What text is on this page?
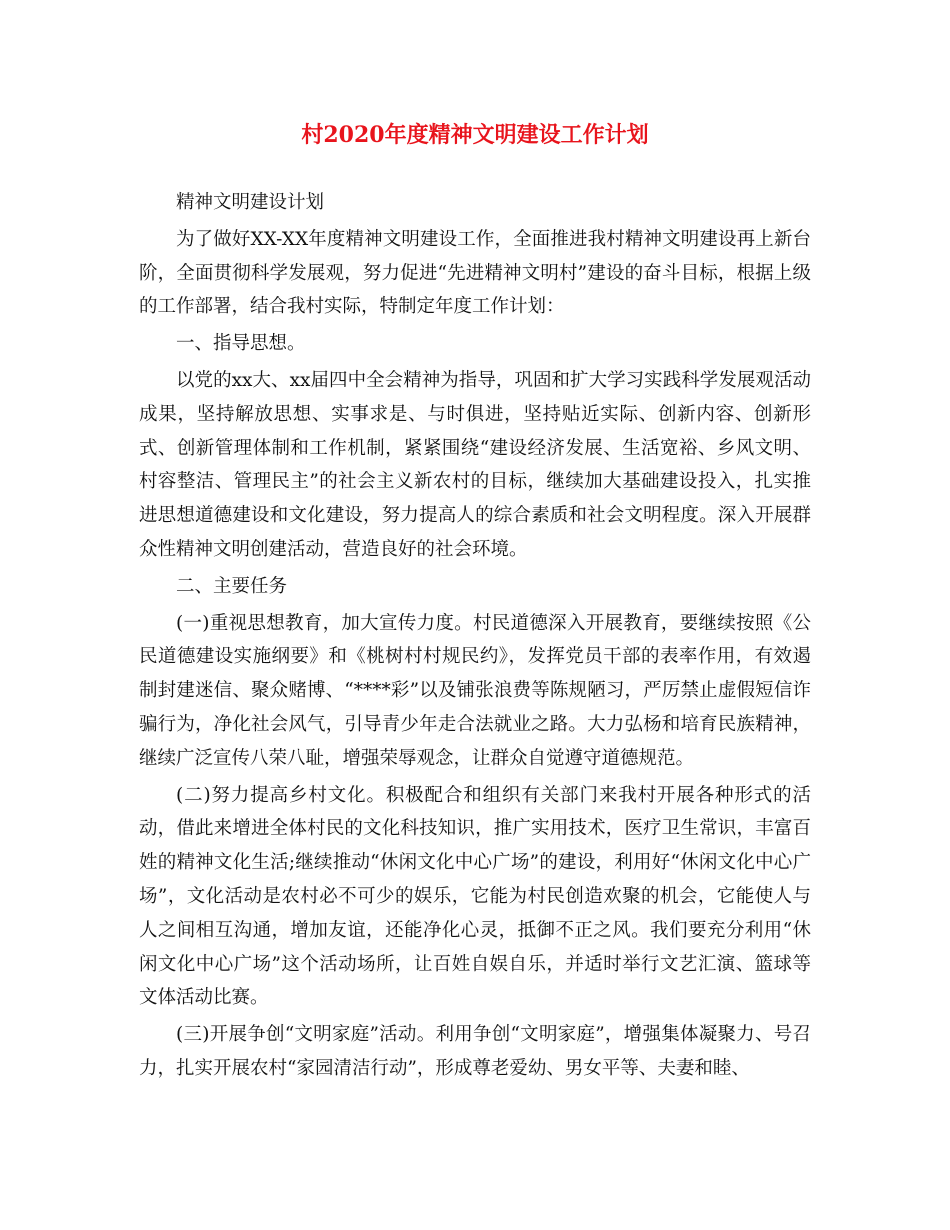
村2020年度精神文明建设工作计划

精神文明建设计划

为了做好XX-XX年度精神文明建设工作，全面推进我村精神文明建设再上新台阶，全面贯彻科学发展观，努力促进“先进精神文明村”建设的奋斗目标，根据上级的工作部署，结合我村实际，特制定年度工作计划：

一、指导思想。

以党的xx大、xx届四中全会精神为指导，巩固和扩大学习实践科学发展观活动成果，坚持解放思想、实事求是、与时俱进，坚持贴近实际、创新内容、创新形式、创新管理体制和工作机制，紧紧围绕“建设经济发展、生活宽裕、乡风文明、村容整洁、管理民主”的社会主义新农村的目标，继续加大基础建设投入，扎实推进思想道德建设和文化建设，努力提高人的综合素质和社会文明程度。深入开展群众性精神文明创建活动，营造良好的社会环境。

二、主要任务

(一)重视思想教育，加大宣传力度。村民道德深入开展教育，要继续按照《公民道德建设实施纲要》和《桃树村村规民约》，发挥党员干部的表率作用，有效遏制封建迷信、聚众赌博、“****彩”以及铺张浪费等陈规陋习，严厉禁止虚假短信诈骗行为，净化社会风气，引导青少年走合法就业之路。大力弘杨和培育民族精神，继续广泛宣传八荣八耻，增强荣辱观念，让群众自觉遵守道德规范。

(二)努力提高乡村文化。积极配合和组织有关部门来我村开展各种形式的活动，借此来增进全体村民的文化科技知识，推广实用技术，医疗卫生常识，丰富百姓的精神文化生活;继续推动“休闲文化中心广场”的建设，利用好“休闲文化中心广场”，文化活动是农村必不可少的娱乐，它能为村民创造欢聚的机会，它能使人与人之间相互沟通，增加友谊，还能净化心灵，抵御不正之风。我们要充分利用“休闲文化中心广场”这个活动场所，让百姓自娱自乐，并适时举行文艺汇演、篮球等文体活动比赛。

(三)开展争创“文明家庭”活动。利用争创“文明家庭”，增强集体凝聚力、号召力，扎实开展农村“家园清洁行动”，形成尊老爱幼、男女平等、夫妻和睦、
